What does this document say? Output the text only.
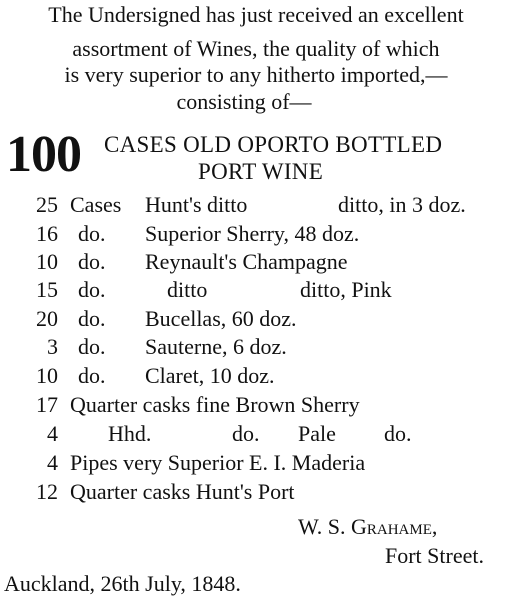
The Undersigned has just received an excellent
assortment of Wines, the quality of which
is very superior to any hitherto imported,—
consisting of—
100 CASES OLD OPORTO BOTTLED
PORT WINE
25 Cases Hunt's ditto	ditto, in 3 doz.
16 do. Superior Sherry, 48 doz.
10 do. Reynault's Champagne
15 do.	ditto	ditto, Pink
20 do. Bucellas, 60 doz.
3 do. Sauterne, 6 doz.
10 do. Claret, 10 doz.
17 Quarter casks fine Brown Sherry
4 Hhd.	do. Pale do.
4 Pipes very Superior E. I. Maderia
12 Quarter casks Hunt's Port
W. S. Grahame,
Fort Street.
Auckland, 26th July, 1848.
